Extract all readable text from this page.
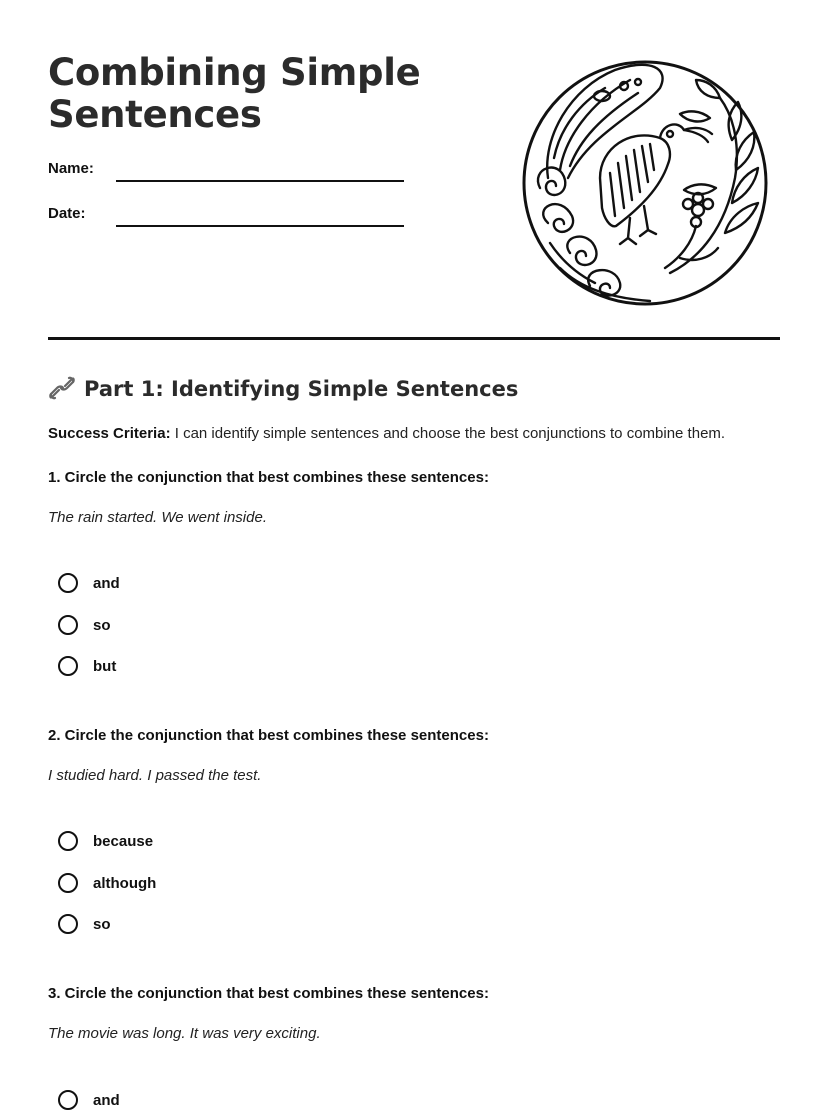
Combining Simple Sentences
Name:
Date:
Part 1: Identifying Simple Sentences
Success Criteria: I can identify simple sentences and choose the best conjunctions to combine them.
1. Circle the conjunction that best combines these sentences:
The rain started. We went inside.
and
so
but
2. Circle the conjunction that best combines these sentences:
I studied hard. I passed the test.
because
although
so
3. Circle the conjunction that best combines these sentences:
The movie was long. It was very exciting.
and
